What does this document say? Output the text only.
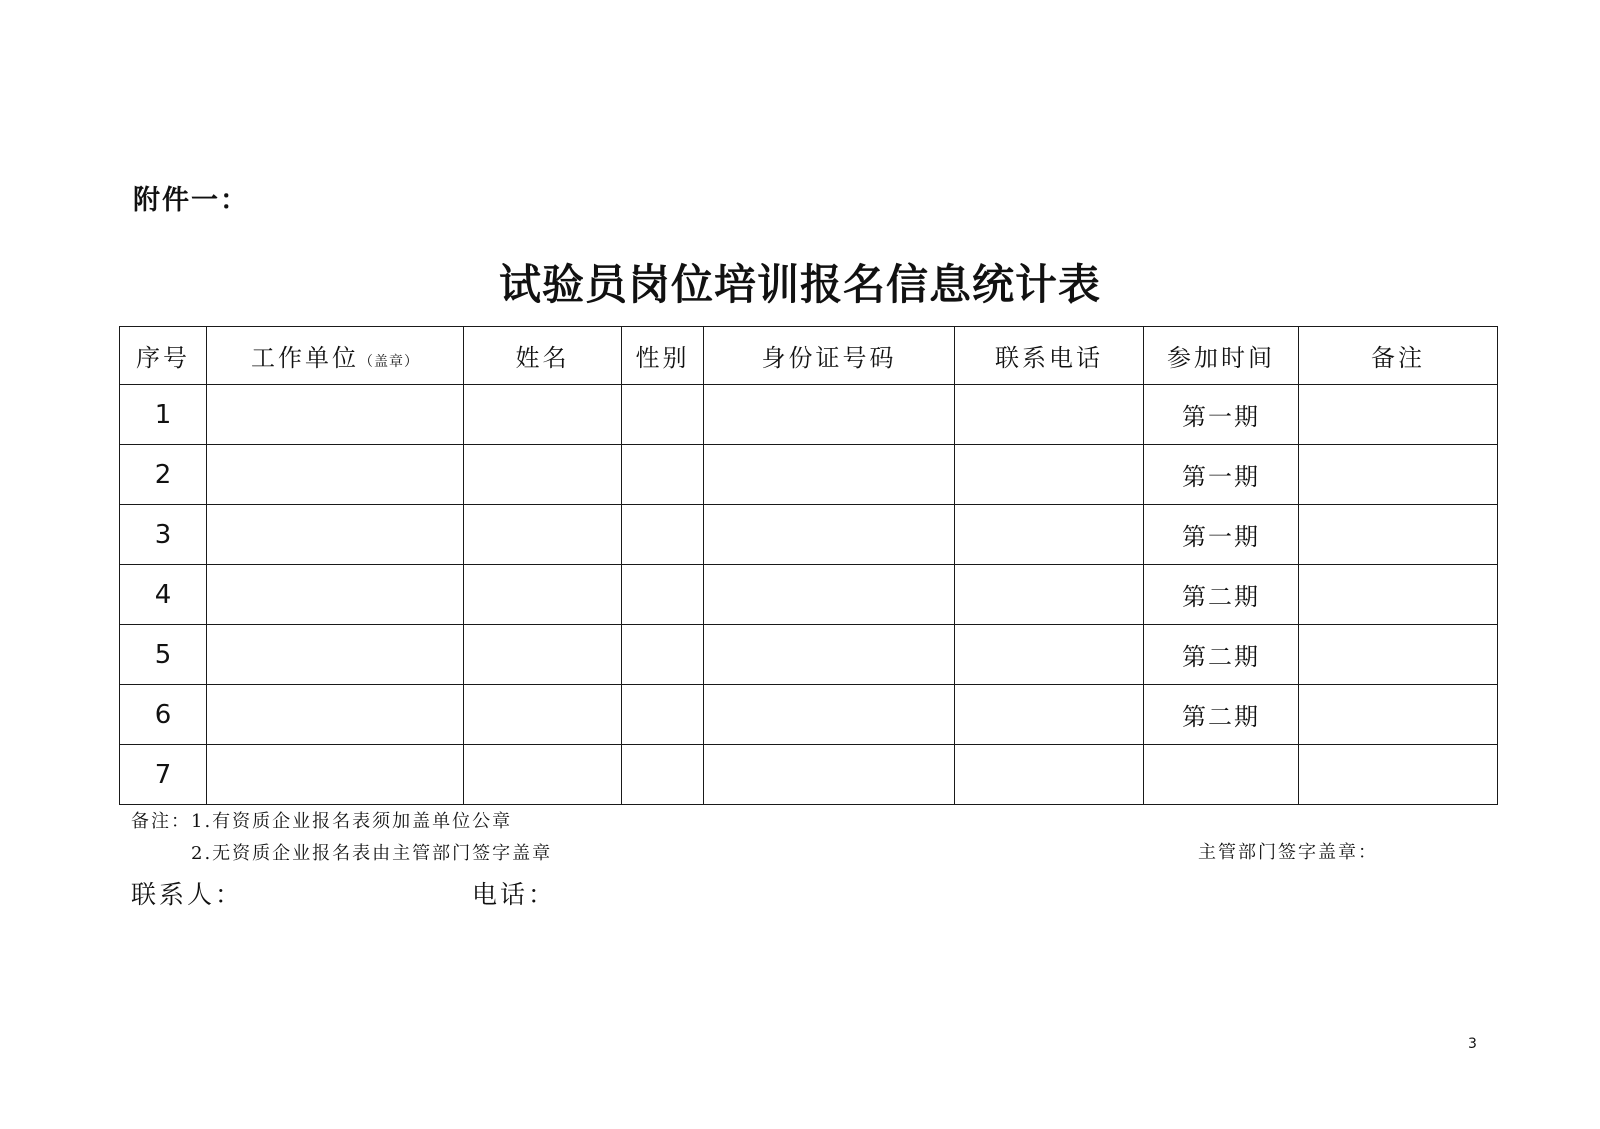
附件一：
试验员岗位培训报名信息统计表
序号	工作单位（盖章）	姓名	性别	身份证号码	联系电话	参加时间	备注
1						第一期	
2						第一期	
3						第一期	
4						第二期	
5						第二期	
6						第二期	
7							
备注：1.有资质企业报名表须加盖单位公章
2.无资质企业报名表由主管部门签字盖章	主管部门签字盖章：
联系人：	电话：
3
